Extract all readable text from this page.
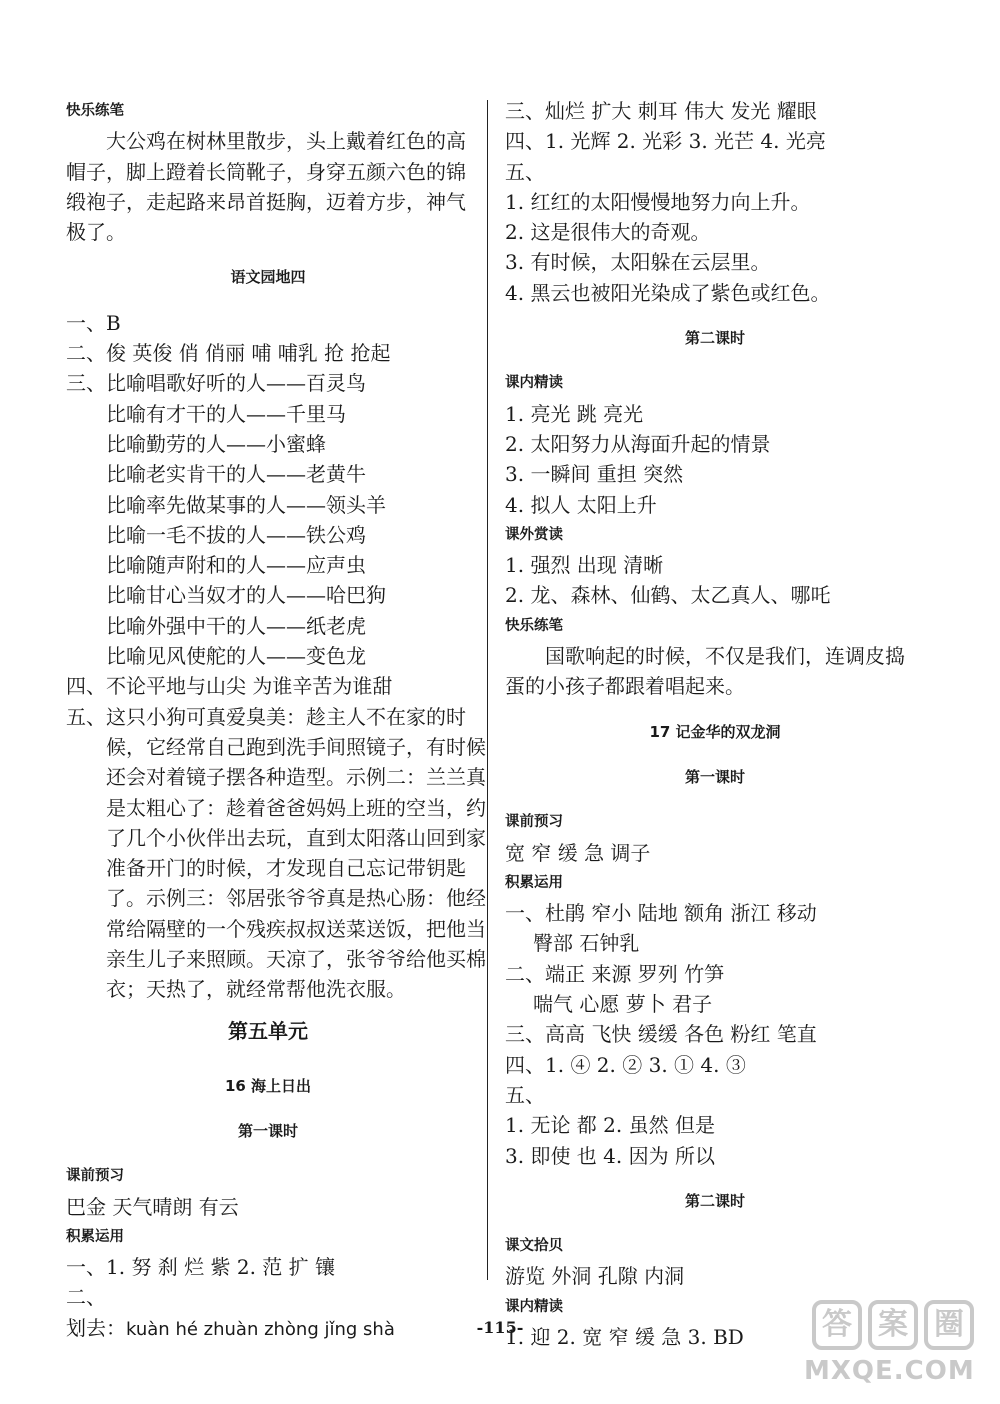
快乐练笔

大公鸡在树林里散步，头上戴着红色的高

帽子，脚上蹬着长筒靴子，身穿五颜六色的锦

缎袍子，走起路来昂首挺胸，迈着方步，神气

极了。

语文园地四

一、B

二、俊 英俊 俏 俏丽 哺 哺乳 抢 抢起

三、比喻唱歌好听的人——百灵鸟

比喻有才干的人——千里马

比喻勤劳的人——小蜜蜂

比喻老实肯干的人——老黄牛

比喻率先做某事的人——领头羊

比喻一毛不拔的人——铁公鸡

比喻随声附和的人——应声虫

比喻甘心当奴才的人——哈巴狗

比喻外强中干的人——纸老虎

比喻见风使舵的人——变色龙

四、不论平地与山尖 为谁辛苦为谁甜

五、这只小狗可真爱臭美：趁主人不在家的时

候，它经常自己跑到洗手间照镜子，有时候

还会对着镜子摆各种造型。示例二：兰兰真

是太粗心了：趁着爸爸妈妈上班的空当，约

了几个小伙伴出去玩，直到太阳落山回到家

准备开门的时候，才发现自己忘记带钥匙

了。示例三：邻居张爷爷真是热心肠：他经

常给隔壁的一个残疾叔叔送菜送饭，把他当

亲生儿子来照顾。天凉了，张爷爷给他买棉

衣；天热了，就经常帮他洗衣服。

第五单元

16 海上日出

第一课时

课前预习

巴金 天气晴朗 有云

积累运用

一、1. 努 刹 烂 紫 2. 范 扩 镶

二、

划去：kuàn hé zhuàn zhòng jǐng shà

三、灿烂 扩大 刺耳 伟大 发光 耀眼

四、1. 光辉 2. 光彩 3. 光芒 4. 光亮

五、

1. 红红的太阳慢慢地努力向上升。

2. 这是很伟大的奇观。

3. 有时候，太阳躲在云层里。

4. 黑云也被阳光染成了紫色或红色。

第二课时

课内精读

1. 亮光 跳 亮光

2. 太阳努力从海面升起的情景

3. 一瞬间 重担 突然

4. 拟人 太阳上升

课外赏读

1. 强烈 出现 清晰

2. 龙、森林、仙鹤、太乙真人、哪吒

快乐练笔

国歌响起的时候，不仅是我们，连调皮捣

蛋的小孩子都跟着唱起来。

17 记金华的双龙洞

第一课时

课前预习

宽 窄 缓 急 调子

积累运用

一、杜鹃 窄小 陆地 额角 浙江 移动

臀部 石钟乳

二、端正 来源 罗列 竹笋

喘气 心愿 萝卜 君子

三、高高 飞快 缓缓 各色 粉红 笔直

四、1. ④ 2. ② 3. ① 4. ③

五、

1. 无论 都 2. 虽然 但是

3. 即使 也 4. 因为 所以

第二课时

课文拾贝

游览 外洞 孔隙 内洞

课内精读

1. 迎 2. 宽 窄 缓 急 3. BD

-115-	答 案 圈
MXQE.COM
